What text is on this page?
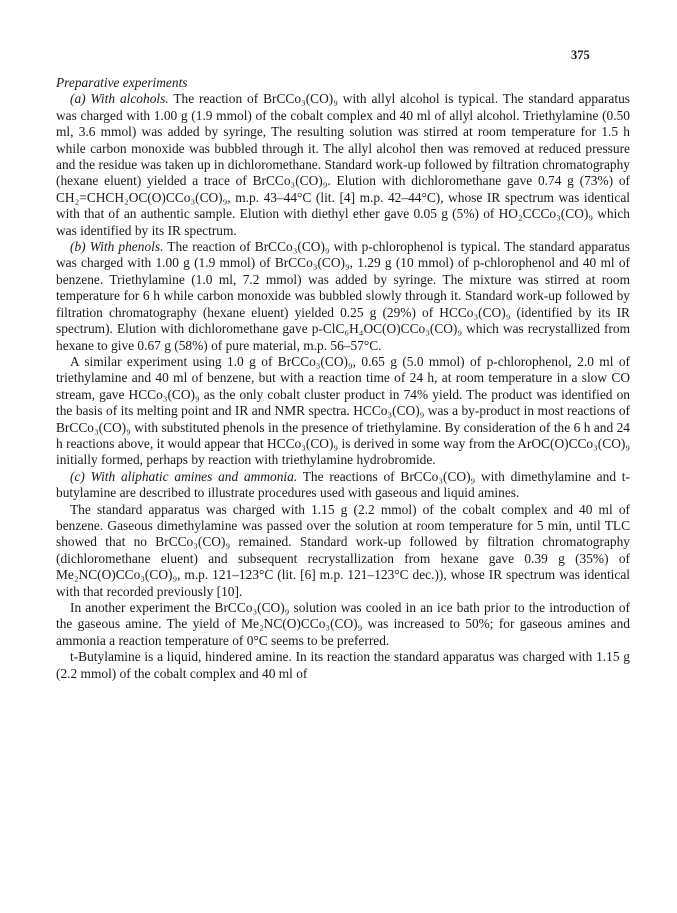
375

Preparative experiments

(a) With alcohols. The reaction of BrCCo₃(CO)₉ with allyl alcohol is typical. The standard apparatus was charged with 1.00 g (1.9 mmol) of the cobalt complex and 40 ml of allyl alcohol. Triethylamine (0.50 ml, 3.6 mmol) was added by syringe, The resulting solution was stirred at room temperature for 1.5 h while carbon monoxide was bubbled through it. The allyl alcohol then was removed at reduced pressure and the residue was taken up in dichloromethane. Standard work-up followed by filtration chromatography (hexane eluent) yielded a trace of BrCCo₃(CO)₉. Elution with dichloromethane gave 0.74 g (73%) of CH₂=CHCH₂OC(O)CCo₃(CO)₉, m.p. 43–44°C (lit. [4] m.p. 42–44°C), whose IR spectrum was identical with that of an authentic sample. Elution with diethyl ether gave 0.05 g (5%) of HO₂CCCo₃(CO)₉ which was identified by its IR spectrum.

(b) With phenols. The reaction of BrCCo₃(CO)₉ with p-chlorophenol is typical. The standard apparatus was charged with 1.00 g (1.9 mmol) of BrCCo₃(CO)₉, 1.29 g (10 mmol) of p-chlorophenol and 40 ml of benzene. Triethylamine (1.0 ml, 7.2 mmol) was added by syringe. The mixture was stirred at room temperature for 6 h while carbon monoxide was bubbled slowly through it. Standard work-up followed by filtration chromatography (hexane eluent) yielded 0.25 g (29%) of HCCo₃(CO)₉ (identified by its IR spectrum). Elution with dichloromethane gave p-ClC₆H₄OC(O)CCo₃(CO)₉ which was recrystallized from hexane to give 0.67 g (58%) of pure material, m.p. 56–57°C.

A similar experiment using 1.0 g of BrCCo₃(CO)₉, 0.65 g (5.0 mmol) of p-chlorophenol, 2.0 ml of triethylamine and 40 ml of benzene, but with a reaction time of 24 h, at room temperature in a slow CO stream, gave HCCo₃(CO)₉ as the only cobalt cluster product in 74% yield. The product was identified on the basis of its melting point and IR and NMR spectra. HCCo₃(CO)₉ was a by-product in most reactions of BrCCo₃(CO)₉ with substituted phenols in the presence of triethylamine. By consideration of the 6 h and 24 h reactions above, it would appear that HCCo₃(CO)₉ is derived in some way from the ArOC(O)CCo₃(CO)₉ initially formed, perhaps by reaction with triethylamine hydrobromide.

(c) With aliphatic amines and ammonia. The reactions of BrCCo₃(CO)₉ with dimethylamine and t-butylamine are described to illustrate procedures used with gaseous and liquid amines.

The standard apparatus was charged with 1.15 g (2.2 mmol) of the cobalt complex and 40 ml of benzene. Gaseous dimethylamine was passed over the solution at room temperature for 5 min, until TLC showed that no BrCCo₃(CO)₉ remained. Standard work-up followed by filtration chromatography (dichloromethane eluent) and subsequent recrystallization from hexane gave 0.39 g (35%) of Me₂NC(O)CCo₃(CO)₉, m.p. 121–123°C (lit. [6] m.p. 121–123°C dec.)), whose IR spectrum was identical with that recorded previously [10].

In another experiment the BrCCo₃(CO)₉ solution was cooled in an ice bath prior to the introduction of the gaseous amine. The yield of Me₂NC(O)CCo₃(CO)₉ was increased to 50%; for gaseous amines and ammonia a reaction temperature of 0°C seems to be preferred.

t-Butylamine is a liquid, hindered amine. In its reaction the standard apparatus was charged with 1.15 g (2.2 mmol) of the cobalt complex and 40 ml of
